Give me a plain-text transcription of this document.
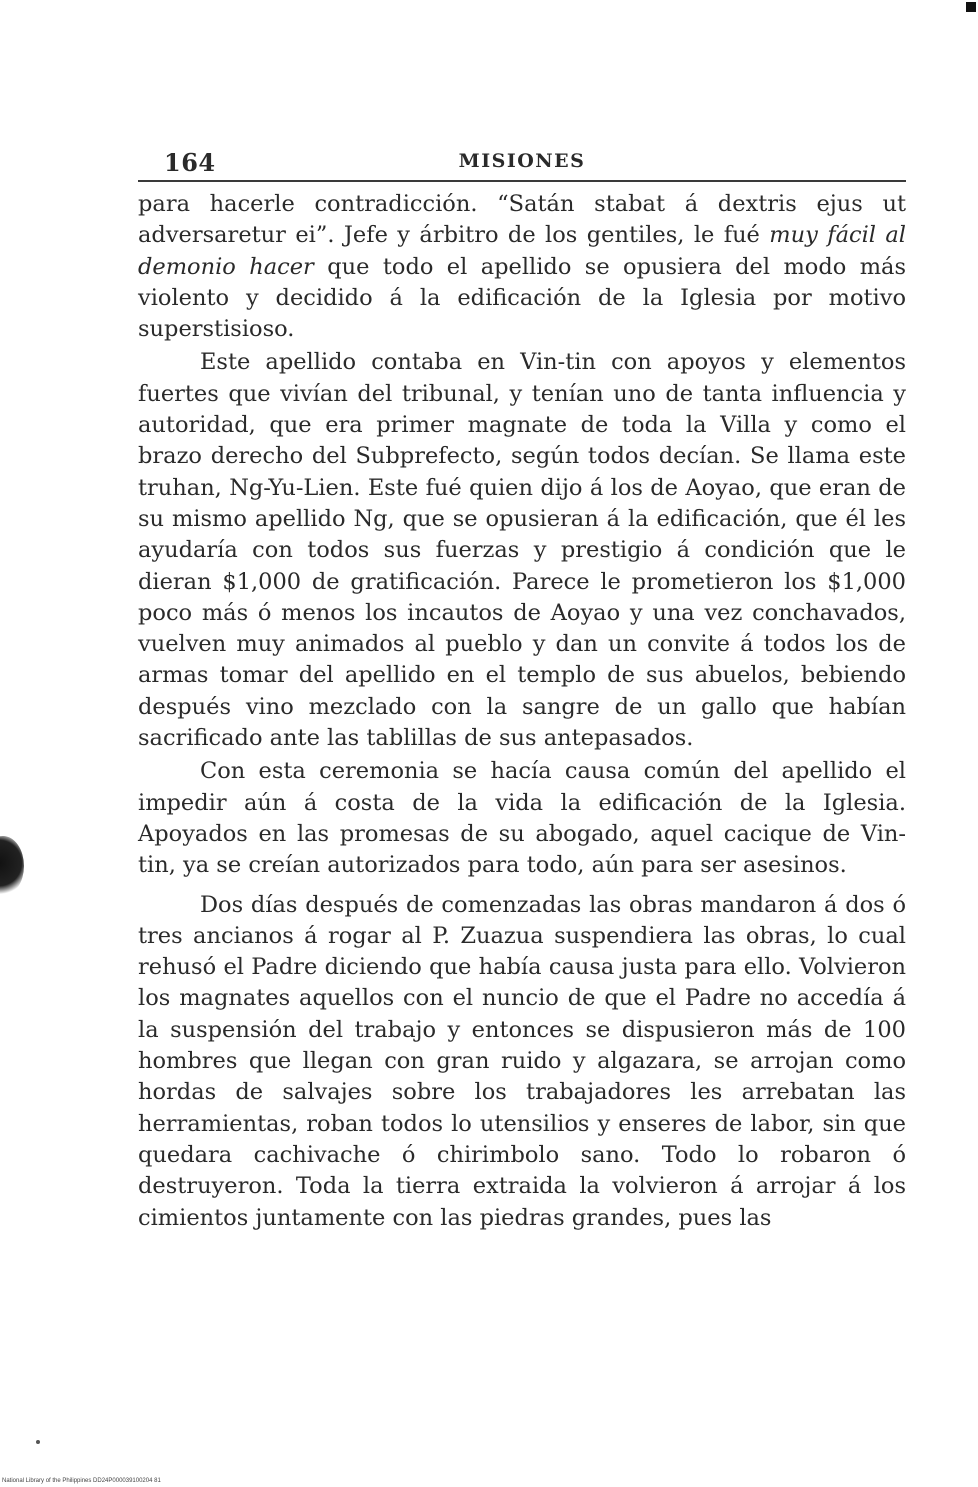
164	MISIONES

para hacerle contradicción. “Satán stabat á dextris ejus ut adversaretur ei”. Jefe y árbitro de los gentiles, le fué muy fácil al demonio hacer que todo el apellido se opusiera del modo más violento y decidido á la edificación de la Iglesia por motivo superstisioso.

Este apellido contaba en Vin-tin con apoyos y elementos fuertes que vivían del tribunal, y tenían uno de tanta influencia y autoridad, que era primer magnate de toda la Villa y como el brazo derecho del Subprefecto, según todos decían. Se llama este truhan, Ng-Yu-Lien. Este fué quien dijo á los de Aoyao, que eran de su mismo apellido Ng, que se opusieran á la edificación, que él les ayudaría con todos sus fuerzas y prestigio á condición que le dieran $1,000 de gratificación. Parece le prometieron los $1,000 poco más ó menos los incautos de Aoyao y una vez conchavados, vuelven muy animados al pueblo y dan un convite á todos los de armas tomar del apellido en el templo de sus abuelos, bebiendo después vino mezclado con la sangre de un gallo que habían sacrificado ante las tablillas de sus antepasados.

Con esta ceremonia se hacía causa común del apellido el impedir aún á costa de la vida la edificación de la Iglesia. Apoyados en las promesas de su abogado, aquel cacique de Vin-tin, ya se creían autorizados para todo, aún para ser asesinos.

Dos días después de comenzadas las obras mandaron á dos ó tres ancianos á rogar al P. Zuazua suspendiera las obras, lo cual rehusó el Padre diciendo que había causa justa para ello. Volvieron los magnates aquellos con el nuncio de que el Padre no accedía á la suspensión del trabajo y entonces se dispusieron más de 100 hombres que llegan con gran ruido y algazara, se arrojan como hordas de salvajes sobre los trabajadores les arrebatan las herramientas, roban todos lo utensilios y enseres de labor, sin que quedara cachivache ó chirimbolo sano. Todo lo robaron ó destruyeron. Toda la tierra extraida la volvieron á arrojar á los cimientos juntamente con las piedras grandes, pues las

National Library of the Philippines DD24P000039100204 81
